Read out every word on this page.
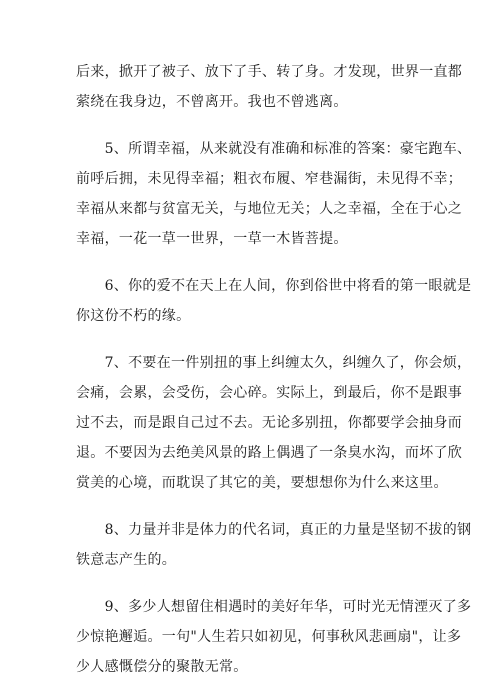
后来，掀开了被子、放下了手、转了身。才发现，世界一直都
萦绕在我身边，不曾离开。我也不曾逃离。

　　5、所谓幸福，从来就没有准确和标准的答案：豪宅跑车、
前呼后拥，未见得幸福；粗衣布履、窄巷漏街，未见得不幸；
幸福从来都与贫富无关，与地位无关；人之幸福，全在于心之
幸福，一花一草一世界，一草一木皆菩提。

　　6、你的爱不在天上在人间，你到俗世中将看的第一眼就是
你这份不朽的缘。

　　7、不要在一件别扭的事上纠缠太久，纠缠久了，你会烦，
会痛，会累，会受伤，会心碎。实际上，到最后，你不是跟事
过不去，而是跟自己过不去。无论多别扭，你都要学会抽身而
退。不要因为去绝美风景的路上偶遇了一条臭水沟，而坏了欣
赏美的心境，而耽误了其它的美，要想想你为什么来这里。

　　8、力量并非是体力的代名词，真正的力量是坚韧不拔的钢
铁意志产生的。

　　9、多少人想留住相遇时的美好年华，可时光无情湮灭了多
少惊艳邂逅。一句"人生若只如初见，何事秋风悲画扇"，让多
少人感慨偿分的聚散无常。
